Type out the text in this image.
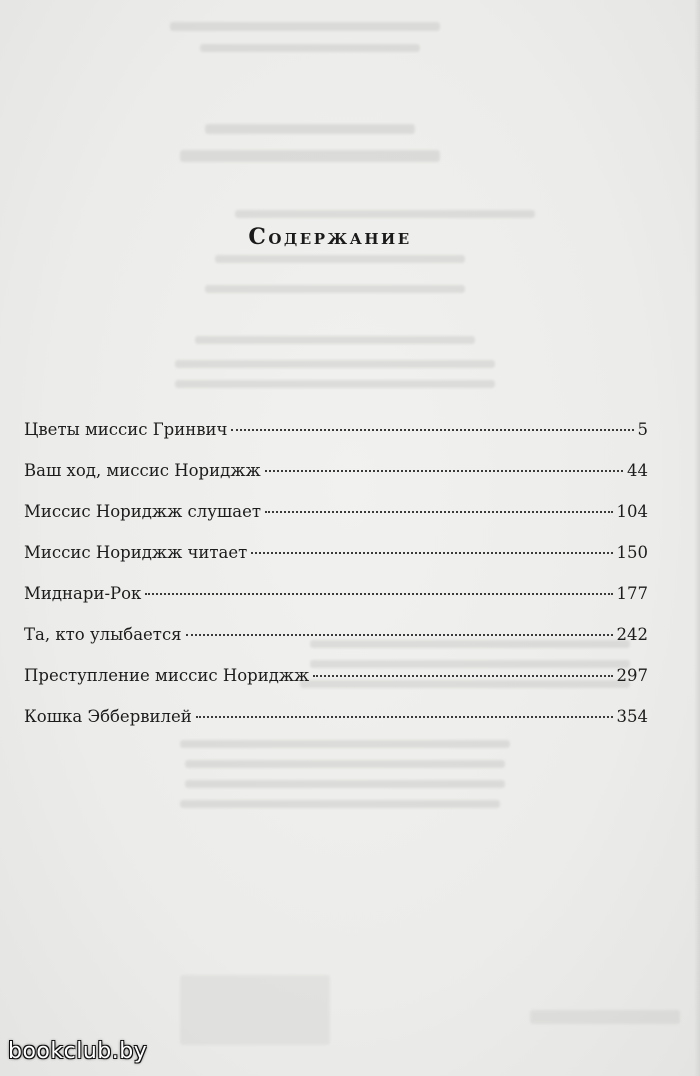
Содержание
Цветы миссис Гринвич	5
Ваш ход, миссис Нориджж	44
Миссис Нориджж слушает	104
Миссис Нориджж читает	150
Миднари-Рок	177
Та, кто улыбается	242
Преступление миссис Нориджж	297
Кошка Эббервилей	354
bookclub.by
